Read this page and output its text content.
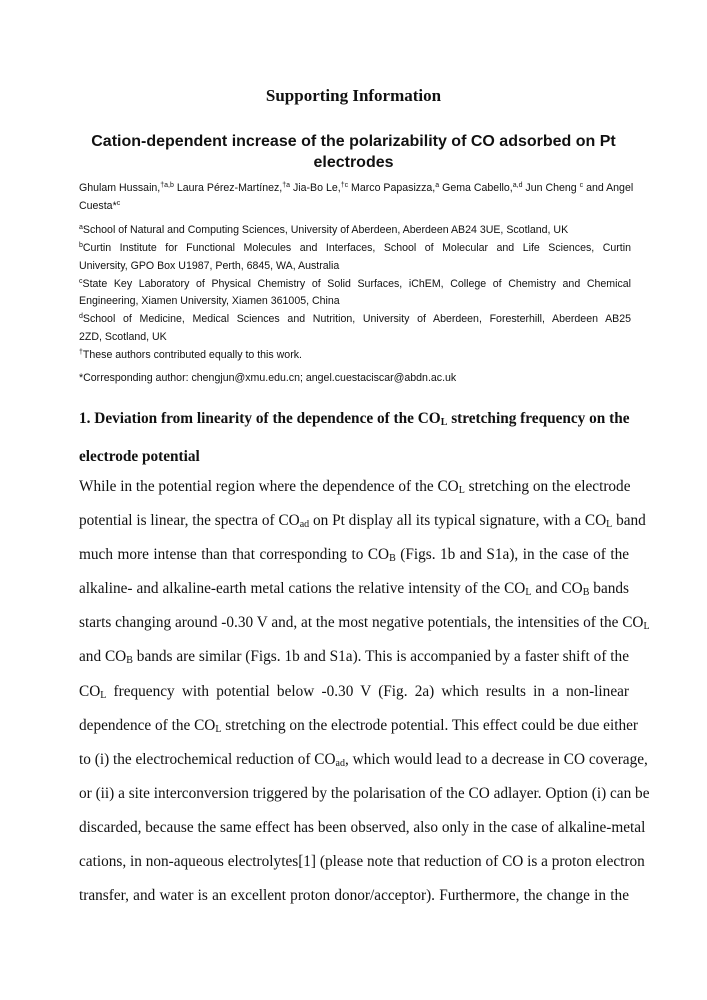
Supporting Information
Cation-dependent increase of the polarizability of CO adsorbed on Pt
electrodes
Ghulam Hussain,$^{\dagger a,b}$ Laura Pérez-Martínez,$^{\dagger a}$ Jia-Bo Le,$^{\dagger c}$ Marco Papasizza,$^a$ Gema Cabello,$^{a,d}$ Jun Cheng $^c$ and Angel
Cuesta*$^c$
$^a$School of Natural and Computing Sciences, University of Aberdeen, Aberdeen AB24 3UE, Scotland, UK
$^b$Curtin Institute for Functional Molecules and Interfaces, School of Molecular and Life Sciences, Curtin
University, GPO Box U1987, Perth, 6845, WA, Australia
$^c$State Key Laboratory of Physical Chemistry of Solid Surfaces, iChEM, College of Chemistry and Chemical
Engineering, Xiamen University, Xiamen 361005, China
$^d$School of Medicine, Medical Sciences and Nutrition, University of Aberdeen, Foresterhill, Aberdeen AB25
2ZD, Scotland, UK
†These authors contributed equally to this work.
*Corresponding author: chengjun@xmu.edu.cn; angel.cuestaciscar@abdn.ac.uk
1. Deviation from linearity of the dependence of the $CO_L$ stretching frequency on the
electrode potential
While in the potential region where the dependence of the $CO_L$ stretching on the electrode
potential is linear, the spectra of $CO_{ad}$ on Pt display all its typical signature, with a $CO_L$ band
much more intense than that corresponding to $CO_B$ (Figs. 1b and S1a), in the case of the
alkaline- and alkaline-earth metal cations the relative intensity of the $CO_L$ and $CO_B$ bands
starts changing around -0.30 V and, at the most negative potentials, the intensities of the $CO_L$
and $CO_B$ bands are similar (Figs. 1b and S1a). This is accompanied by a faster shift of the
$CO_L$ frequency with potential below -0.30 V (Fig. 2a) which results in a non-linear
dependence of the $CO_L$ stretching on the electrode potential. This effect could be due either
to (i) the electrochemical reduction of $CO_{ad}$, which would lead to a decrease in CO coverage,
or (ii) a site interconversion triggered by the polarisation of the CO adlayer. Option (i) can be
discarded, because the same effect has been observed, also only in the case of alkaline-metal
cations, in non-aqueous electrolytes[1] (please note that reduction of CO is a proton electron
transfer, and water is an excellent proton donor/acceptor). Furthermore, the change in the
